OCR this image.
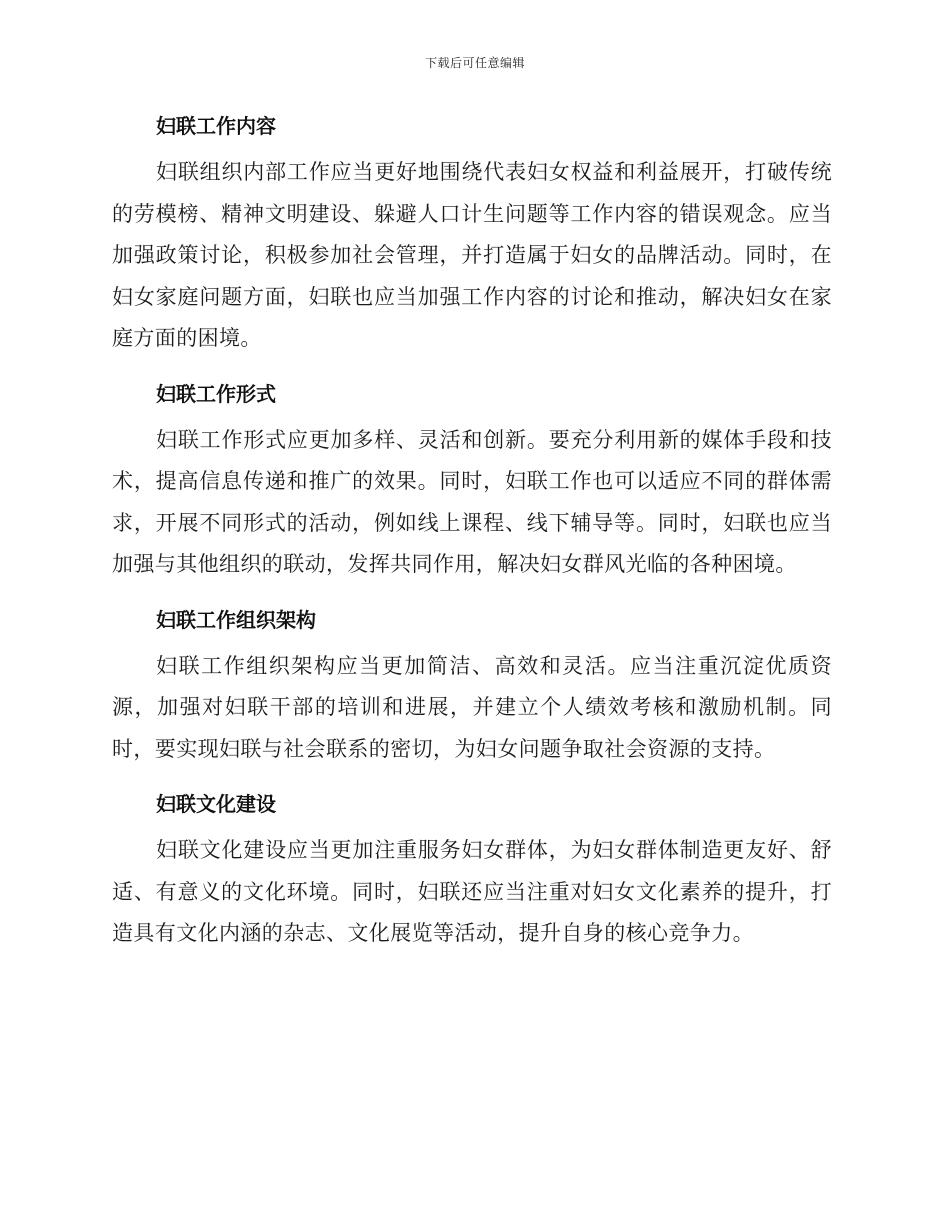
下载后可任意编辑
妇联工作内容

妇联组织内部工作应当更好地围绕代表妇女权益和利益展开，打破传统的劳模榜、精神文明建设、躲避人口计生问题等工作内容的错误观念。应当加强政策讨论，积极参加社会管理，并打造属于妇女的品牌活动。同时，在妇女家庭问题方面，妇联也应当加强工作内容的讨论和推动，解决妇女在家庭方面的困境。

妇联工作形式

妇联工作形式应更加多样、灵活和创新。要充分利用新的媒体手段和技术，提高信息传递和推广的效果。同时，妇联工作也可以适应不同的群体需求，开展不同形式的活动，例如线上课程、线下辅导等。同时，妇联也应当加强与其他组织的联动，发挥共同作用，解决妇女群风光临的各种困境。

妇联工作组织架构

妇联工作组织架构应当更加简洁、高效和灵活。应当注重沉淀优质资源，加强对妇联干部的培训和进展，并建立个人绩效考核和激励机制。同时，要实现妇联与社会联系的密切，为妇女问题争取社会资源的支持。

妇联文化建设

妇联文化建设应当更加注重服务妇女群体，为妇女群体制造更友好、舒适、有意义的文化环境。同时，妇联还应当注重对妇女文化素养的提升，打造具有文化内涵的杂志、文化展览等活动，提升自身的核心竞争力。
